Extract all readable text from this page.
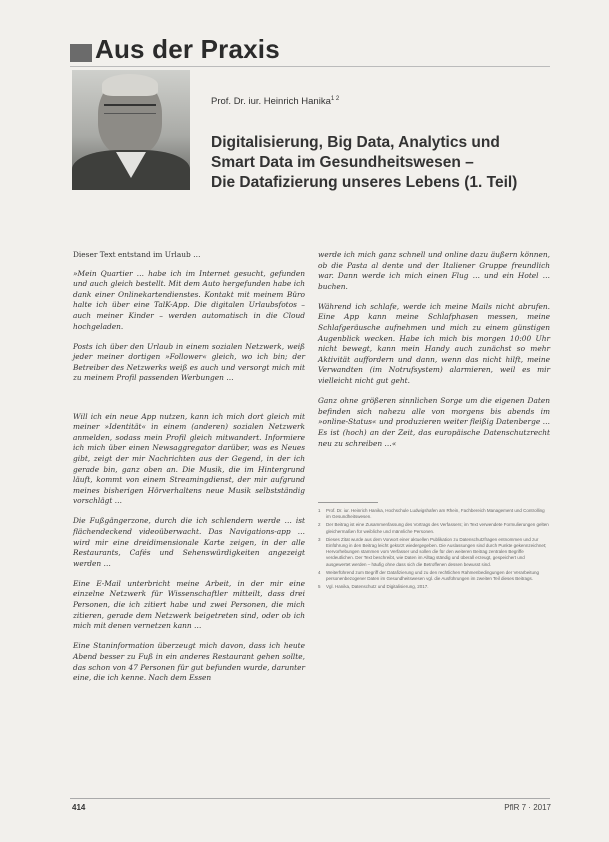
Aus der Praxis
Prof. Dr. iur. Heinrich Hanika$^{1 2}$
Digitalisierung, Big Data, Analytics und
Smart Data im Gesundheitswesen –
Die Datafizierung unseres Lebens (1. Teil)

Dieser Text entstand im Urlaub …

»Mein Quartier … habe ich im Internet gesucht, gefunden und auch gleich bestellt. Mit dem Auto hergefunden habe ich dank einer Onlinekartendienstes. Kontakt mit meinem Büro halte ich über eine TalK-App. Die digitalen Urlaubsfotos – auch meiner Kinder – werden automatisch in die Cloud hochgeladen.

Posts ich über den Urlaub in einem sozialen Netzwerk, weiß jeder meiner dortigen »Follower« gleich, wo ich bin; der Betreiber des Netzwerks weiß es auch und versorgt mich mit zu meinem Profil passenden Werbungen …

Will ich ein neue App nutzen, kann ich mich dort gleich mit meiner »Identität« in einem (anderen) sozialen Netzwerk anmelden, sodass mein Profil gleich mitwandert. Informiere ich mich über einen Newsaggregator darüber, was es Neues gibt, zeigt der mir Nachrichten aus der Gegend, in der ich gerade bin, ganz oben an. Die Musik, die im Hintergrund läuft, kommt von einem Streamingdienst, der mir aufgrund meines bisherigen Hörverhaltens neue Musik selbstständig vorschlägt …

Die Fußgängerzone, durch die ich schlendern werde … ist flächendeckend videoüberwacht. Das Navigations-app … wird mir eine dreidimensionale Karte zeigen, in der alle Restaurants, Cafés und Sehenswürdigkeiten angezeigt werden …

Eine E-Mail unterbricht meine Arbeit, in der mir eine einzelne Netzwerk für Wissenschaftler mitteilt, dass drei Personen, die ich zitiert habe und zwei Personen, die mich zitieren, gerade dem Netzwerk beigetreten sind, oder ob ich mich mit denen vernetzen kann …

Eine Staninformation überzeugt mich davon, dass ich heute Abend besser zu Fuß in ein anderes Restaurant gehen sollte, das schon von 47 Personen für gut befunden wurde, darunter eine, die ich kenne. Nach dem Essen

werde ich mich ganz schnell und online dazu äußern können, ob die Pasta al dente und der Italiener Gruppe freundlich war. Dann werde ich mich einen Flug … und ein Hotel … buchen.

Während ich schlafe, werde ich meine Mails nicht abrufen. Eine App kann meine Schlafphasen messen, meine Schlafgeräusche aufnehmen und mich zu einem günstigen Augenblick wecken. Habe ich mich bis morgen 10:00 Uhr nicht bewegt, kann mein Handy auch zunächst so mehr Aktivität auffordern und dann, wenn das nicht hilft, meine Verwandten (im Notrufsystem) alarmieren, weil es mir vielleicht nicht gut geht.

Ganz ohne größeren sinnlichen Sorge um die eigenen Daten befinden sich nahezu alle von morgens bis abends im »online-Status« und produzieren weiter fleißig Datenberge … Es ist (hoch) an der Zeit, das europäische Datenschutzrecht neu zu schreiben …«

1	Prof. Dr. iur. Heinrich Hanika, Hochschule Ludwigshafen am Rhein, Fachbereich Management und Controlling im Gesundheitswesen.
2	Der Beitrag ist eine Zusammenfassung des Vortrags des Verfassers; im Text verwendete Formulierungen gelten gleichermaßen für weibliche und männliche Personen.
3	Dieses Zitat wurde aus dem Vorwort einer aktuellen Publikation zu Datenschutzfragen entnommen und zur Einführung in den Beitrag leicht gekürzt wiedergegeben. Die Auslassungen sind durch Punkte gekennzeichnet; Hervorhebungen stammen vom Verfasser und sollen die für den weiteren Beitrag zentralen Begriffe verdeutlichen. Der Text beschreibt, wie Daten im Alltag ständig und überall erzeugt, gespeichert und ausgewertet werden – häufig ohne dass sich die Betroffenen dessen bewusst sind.
4	Weiterführend zum Begriff der Datafizierung und zu den rechtlichen Rahmenbedingungen der Verarbeitung personenbezogener Daten im Gesundheitswesen vgl. die Ausführungen im zweiten Teil dieses Beitrags.
5	Vgl. Hanika, Datenschutz und Digitalisierung, 2017.
414	PflR 7 · 2017
